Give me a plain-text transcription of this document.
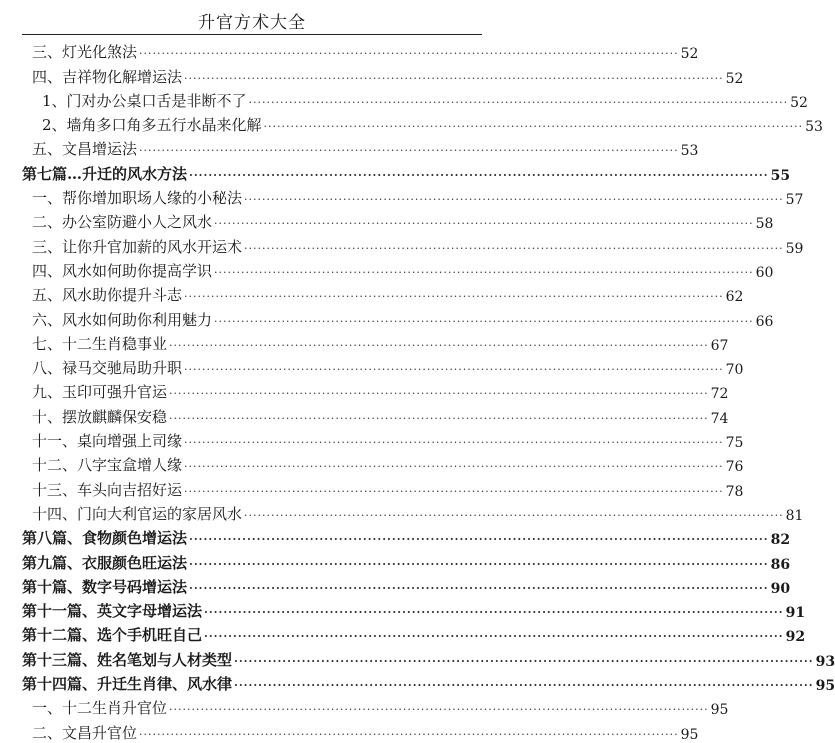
升官方术大全
三、灯光化煞法 ························································································································ 52
四、吉祥物化解增运法 ························································································································ 52
1、门对办公桌口舌是非断不了 ························································································································ 52
2、墙角多口角多五行水晶来化解 ························································································································ 53
五、文昌增运法 ························································································································ 53
第七篇…升迁的风水方法 ························································································································ 55
一、帮你增加职场人缘的小秘法 ························································································································ 57
二、办公室防避小人之风水 ························································································································ 58
三、让你升官加薪的风水开运术 ························································································································ 59
四、风水如何助你提高学识 ························································································································ 60
五、风水助你提升斗志 ························································································································ 62
六、风水如何助你利用魅力 ························································································································ 66
七、十二生肖稳事业 ························································································································ 67
八、禄马交驰局助升职 ························································································································ 70
九、玉印可强升官运 ························································································································ 72
十、摆放麒麟保安稳 ························································································································ 74
十一、桌向增强上司缘 ························································································································ 75
十二、八字宝盒增人缘 ························································································································ 76
十三、车头向吉招好运 ························································································································ 78
十四、门向大利官运的家居风水 ························································································································ 81
第八篇、食物颜色增运法 ························································································································ 82
第九篇、衣服颜色旺运法 ························································································································ 86
第十篇、数字号码增运法 ························································································································ 90
第十一篇、英文字母增运法 ························································································································ 91
第十二篇、选个手机旺自己 ························································································································ 92
第十三篇、姓名笔划与人材类型 ························································································································ 93
第十四篇、升迁生肖律、风水律 ························································································································ 95
一、十二生肖升官位 ························································································································ 95
二、文昌升官位 ························································································································ 95
